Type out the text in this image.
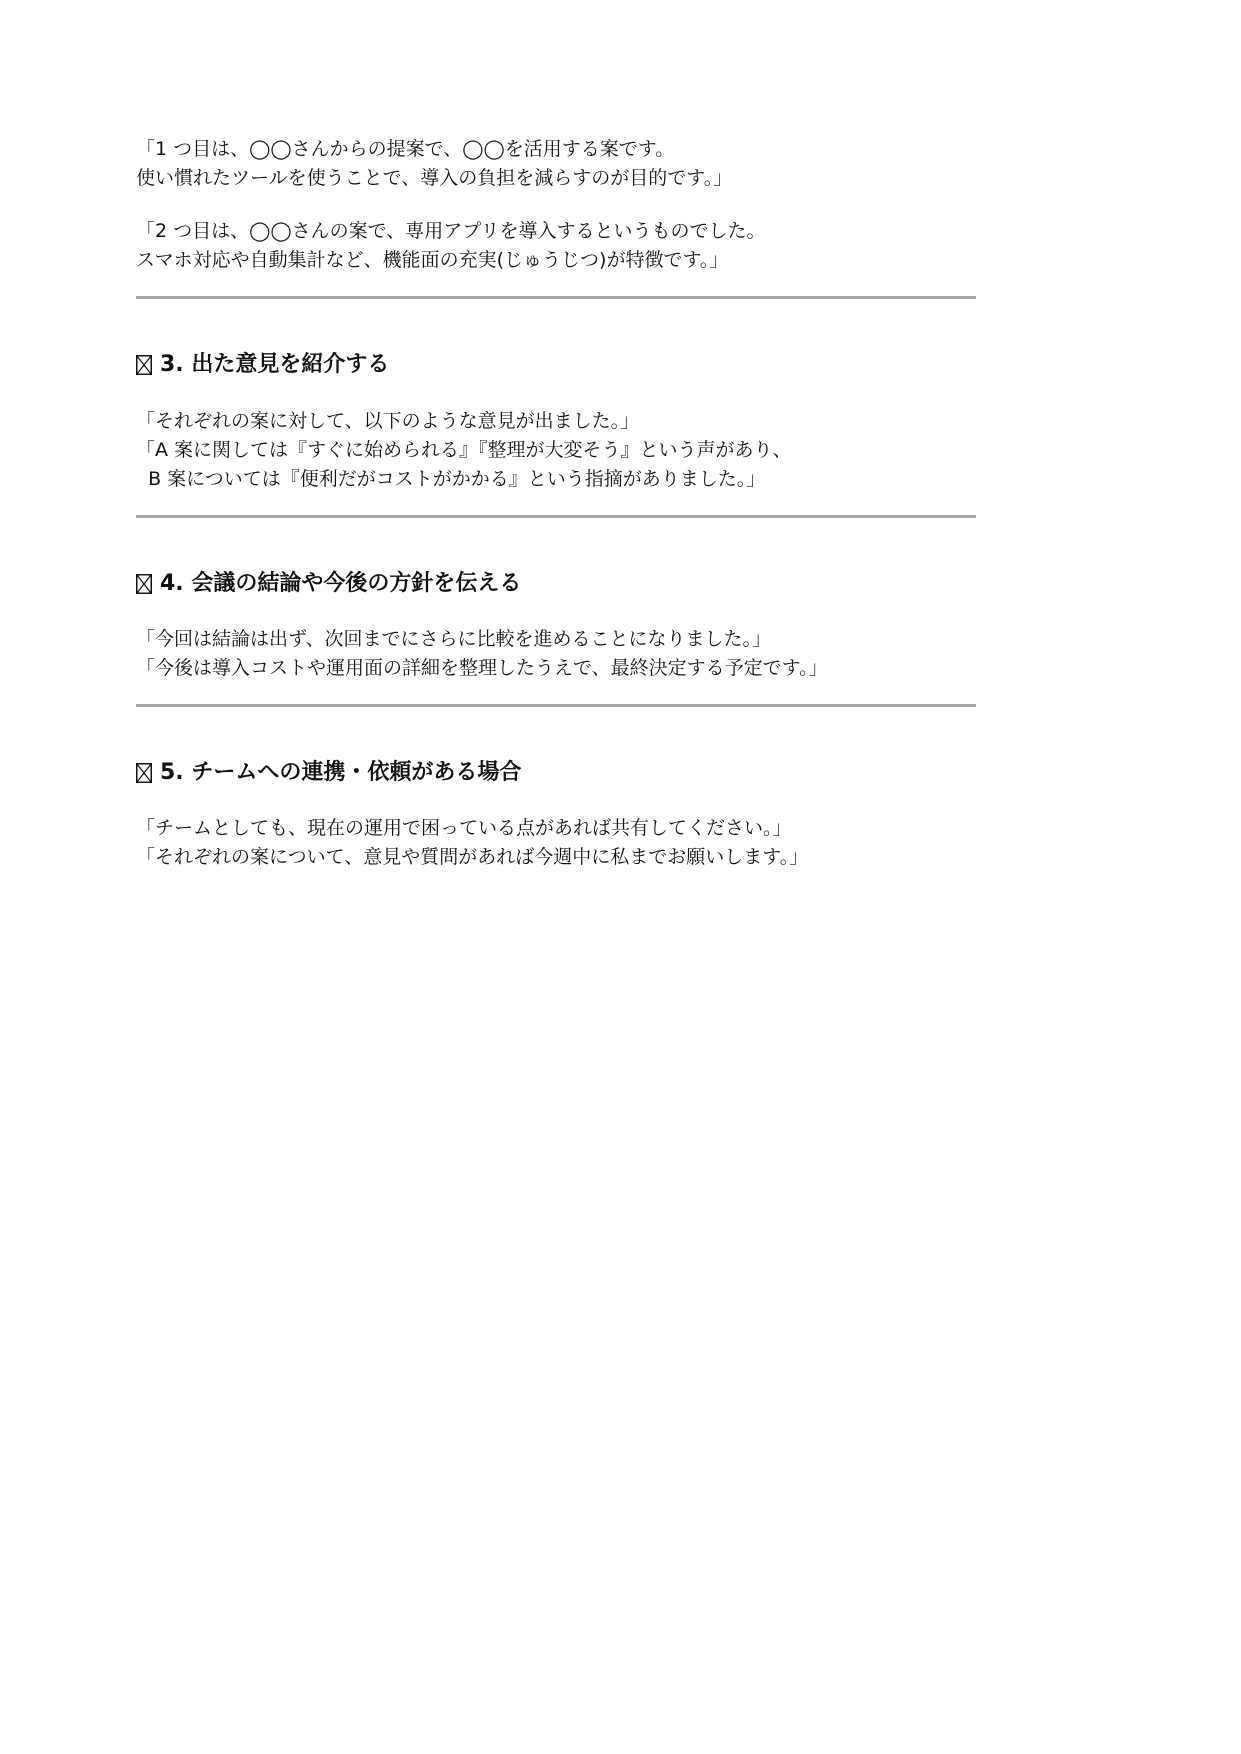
「1 つ目は、◯◯さんからの提案で、◯◯を活用する案です。
使い慣れたツールを使うことで、導入の負担を減らすのが目的です。」
「2 つ目は、◯◯さんの案で、専用アプリを導入するというものでした。
スマホ対応や自動集計など、機能面の充実(じゅうじつ)が特徴です。」
3. 出た意見を紹介する
「それぞれの案に対して、以下のような意見が出ました。」
「A 案に関しては『すぐに始められる』『整理が大変そう』という声があり、
B 案については『便利だがコストがかかる』という指摘がありました。」
4. 会議の結論や今後の方針を伝える
「今回は結論は出ず、次回までにさらに比較を進めることになりました。」
「今後は導入コストや運用面の詳細を整理したうえで、最終決定する予定です。」
5. チームへの連携・依頼がある場合
「チームとしても、現在の運用で困っている点があれば共有してください。」
「それぞれの案について、意見や質問があれば今週中に私までお願いします。」
